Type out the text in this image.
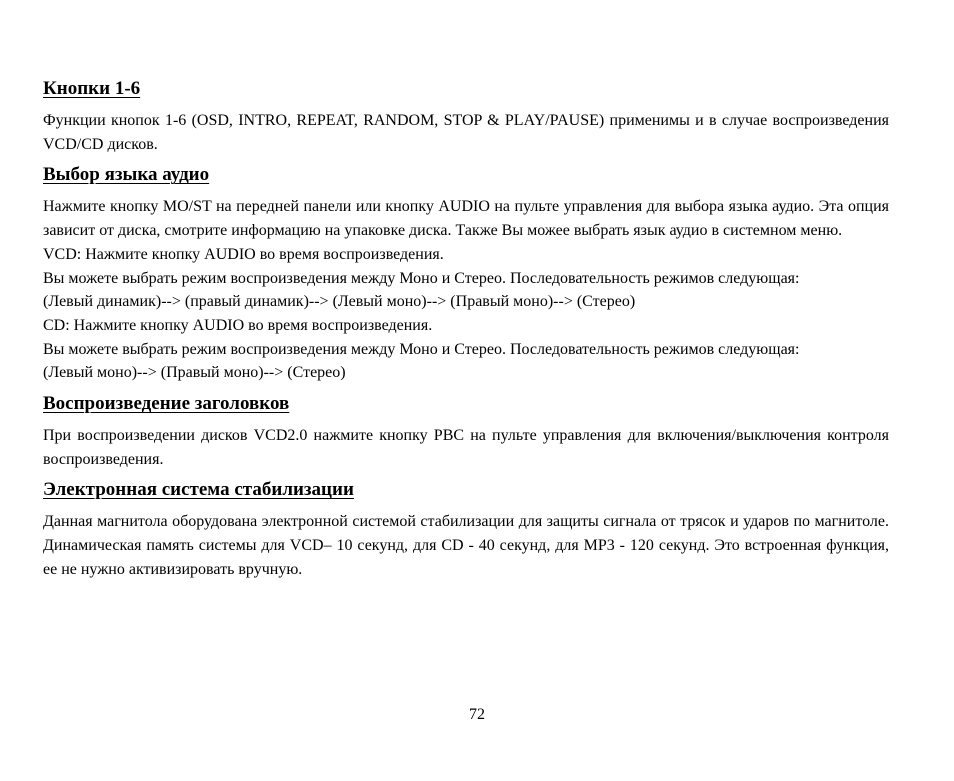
Кнопки 1-6

Функции кнопок 1-6 (OSD, INTRO, REPEAT, RANDOM, STOP & PLAY/PAUSE) применимы и в случае воспроизведения VCD/CD дисков.

Выбор языка аудио

Нажмите кнопку MO/ST на передней панели или кнопку AUDIO на пульте управления для выбора языка аудио. Эта опция зависит от диска, смотрите информацию на упаковке диска. Также Вы можее выбрать язык аудио в системном меню.

VCD: Нажмите кнопку AUDIO во время воспроизведения.

Вы можете выбрать режим воспроизведения между Моно и Стерео. Последовательность режимов следующая:

(Левый динамик)--> (правый динамик)--> (Левый моно)--> (Правый моно)--> (Стерео)

CD: Нажмите кнопку AUDIO во время воспроизведения.

Вы можете выбрать режим воспроизведения между Моно и Стерео. Последовательность режимов следующая:

(Левый моно)--> (Правый моно)--> (Стерео)

Воспроизведение заголовков

При воспроизведении дисков VCD2.0 нажмите кнопку PBC на пульте управления для включения/выключения контроля воспроизведения.

Электронная система стабилизации

Данная магнитола оборудована электронной системой стабилизации для защиты сигнала от трясок и ударов по магнитоле. Динамическая память системы для VCD– 10 секунд, для CD - 40 секунд, для MP3 - 120 секунд. Это встроенная функция, ее не нужно активизировать вручную.

72
